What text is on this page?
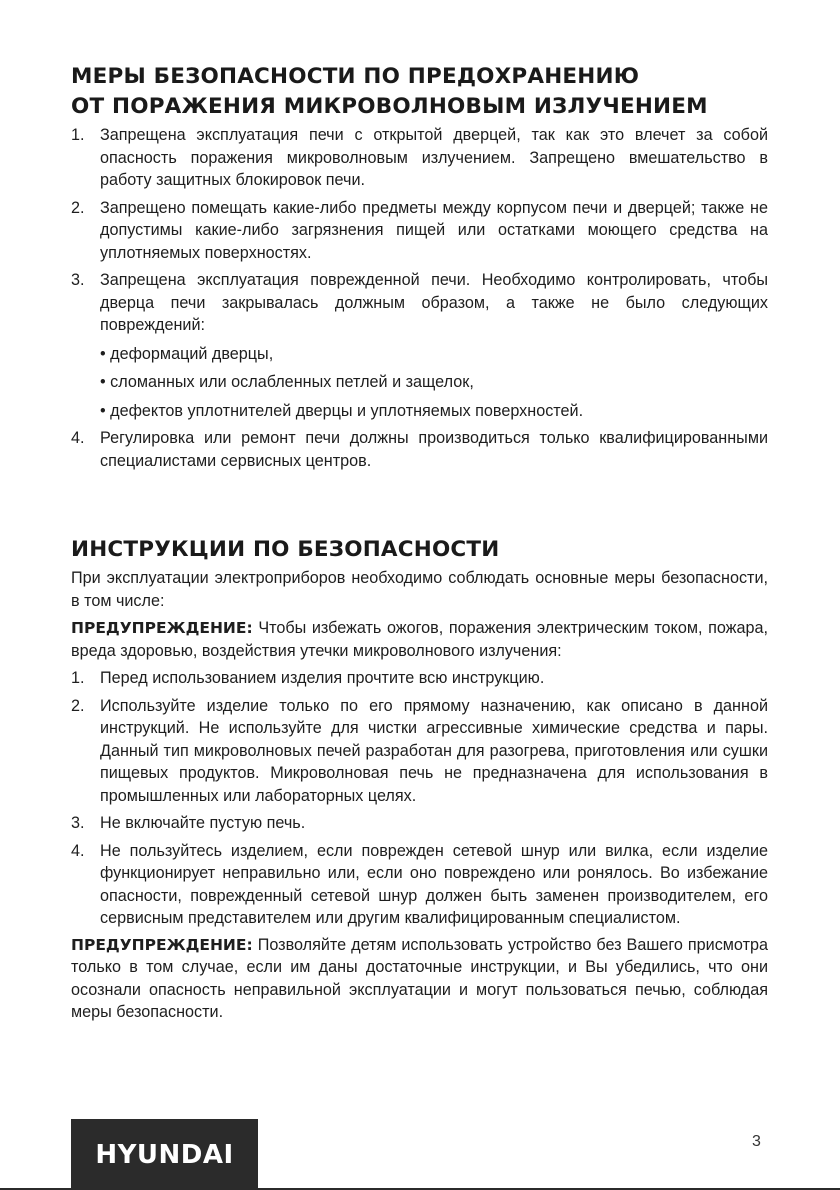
МЕРЫ БЕЗОПАСНОСТИ ПО ПРЕДОХРАНЕНИЮ
ОТ ПОРАЖЕНИЯ МИКРОВОЛНОВЫМ ИЗЛУЧЕНИЕМ
1. Запрещена эксплуатация печи с открытой дверцей, так как это влечет за собой опасность поражения микроволновым излучением. Запрещено вмешательство в работу защитных блокировок печи.
2. Запрещено помещать какие-либо предметы между корпусом печи и дверцей; также не допустимы какие-либо загрязнения пищей или остатками моющего средства на уплотняемых поверхностях.
3. Запрещена эксплуатация поврежденной печи. Необходимо контролировать, чтобы дверца печи закрывалась должным образом, а также не было следующих повреждений:
• деформаций дверцы,
• сломанных или ослабленных петлей и защелок,
• дефектов уплотнителей дверцы и уплотняемых поверхностей.
4. Регулировка или ремонт печи должны производиться только квалифицированными специалистами сервисных центров.
ИНСТРУКЦИИ ПО БЕЗОПАСНОСТИ

При эксплуатации электроприборов необходимо соблюдать основные меры безопасности, в том числе:

ПРЕДУПРЕЖДЕНИЕ: Чтобы избежать ожогов, поражения электрическим током, пожара, вреда здоровью, воздействия утечки микроволнового излучения:

1. Перед использованием изделия прочтите всю инструкцию.
2. Используйте изделие только по его прямому назначению, как описано в данной инструкций. Не используйте для чистки агрессивные химические средства и пары. Данный тип микроволновых печей разработан для разогрева, приготовления или сушки пищевых продуктов. Микроволновая печь не предназначена для использования в промышленных или лабораторных целях.
3. Не включайте пустую печь.
4. Не пользуйтесь изделием, если поврежден сетевой шнур или вилка, если изделие функционирует неправильно или, если оно повреждено или ронялось. Во избежание опасности, поврежденный сетевой шнур должен быть заменен производителем, его сервисным представителем или другим квалифицированным специалистом.

ПРЕДУПРЕЖДЕНИЕ: Позволяйте детям использовать устройство без Вашего присмотра только в том случае, если им даны достаточные инструкции, и Вы убедились, что они осознали опасность неправильной эксплуатации и могут пользоваться печью, соблюдая меры безопасности.

HYUNDAI	3
